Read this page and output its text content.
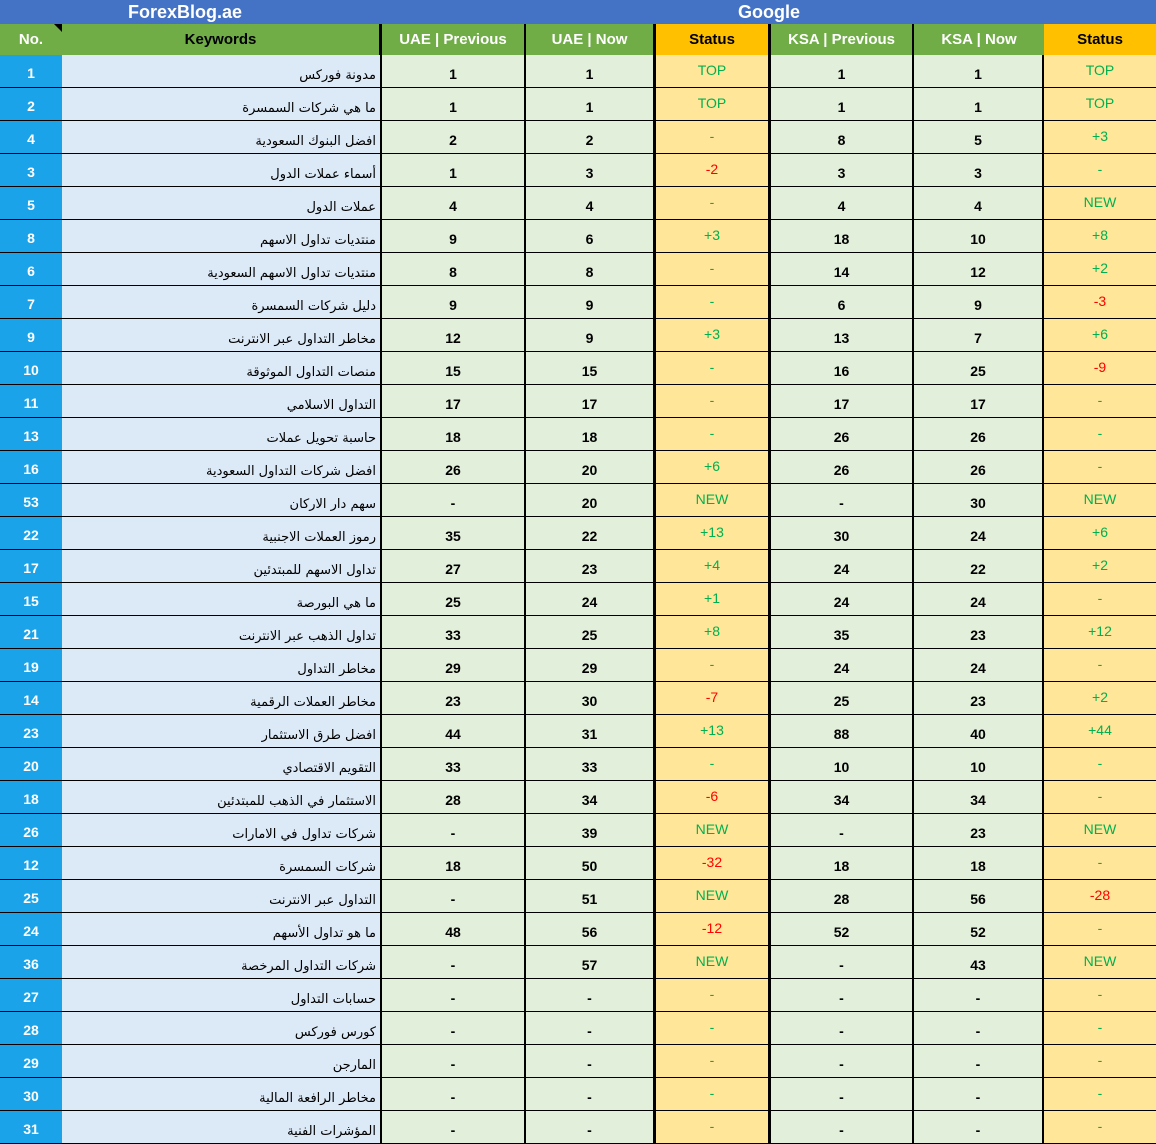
ForexBlog.ae	Google
No.	Keywords	UAE | Previous	UAE | Now	Status	KSA | Previous	KSA | Now	Status
1	مدونة فوركس	1	1	TOP	1	1	TOP
2	ما هي شركات السمسرة	1	1	TOP	1	1	TOP
4	افضل البنوك السعودية	2	2	-	8	5	+3
3	أسماء عملات الدول	1	3	-2	3	3	-
5	عملات الدول	4	4	-	4	4	NEW
8	منتديات تداول الاسهم	9	6	+3	18	10	+8
6	منتديات تداول الاسهم السعودية	8	8	-	14	12	+2
7	دليل شركات السمسرة	9	9	-	6	9	-3
9	مخاطر التداول عبر الانترنت	12	9	+3	13	7	+6
10	منصات التداول الموثوقة	15	15	-	16	25	-9
11	التداول الاسلامي	17	17	-	17	17	-
13	حاسبة تحويل عملات	18	18	-	26	26	-
16	افضل شركات التداول السعودية	26	20	+6	26	26	-
53	سهم دار الاركان	-	20	NEW	-	30	NEW
22	رموز العملات الاجنبية	35	22	+13	30	24	+6
17	تداول الاسهم للمبتدئين	27	23	+4	24	22	+2
15	ما هي البورصة	25	24	+1	24	24	-
21	تداول الذهب عبر الانترنت	33	25	+8	35	23	+12
19	مخاطر التداول	29	29	-	24	24	-
14	مخاطر العملات الرقمية	23	30	-7	25	23	+2
23	افضل طرق الاستثمار	44	31	+13	88	40	+44
20	التقويم الاقتصادي	33	33	-	10	10	-
18	الاستثمار في الذهب للمبتدئين	28	34	-6	34	34	-
26	شركات تداول في الامارات	-	39	NEW	-	23	NEW
12	شركات السمسرة	18	50	-32	18	18	-
25	التداول عبر الانترنت	-	51	NEW	28	56	-28
24	ما هو تداول الأسهم	48	56	-12	52	52	-
36	شركات التداول المرخصة	-	57	NEW	-	43	NEW
27	حسابات التداول	-	-	-	-	-	-
28	كورس فوركس	-	-	-	-	-	-
29	المارجن	-	-	-	-	-	-
30	مخاطر الرافعة المالية	-	-	-	-	-	-
31	المؤشرات الفنية	-	-	-	-	-	-
